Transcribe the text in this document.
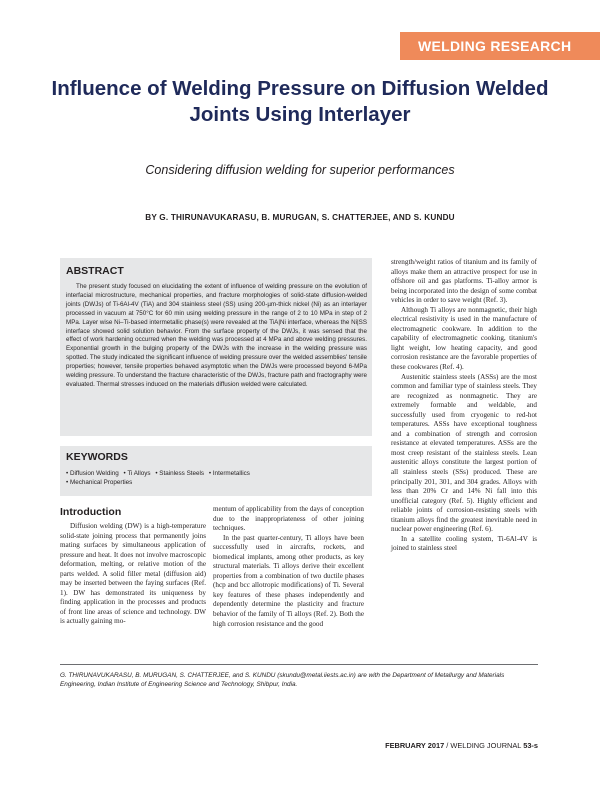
WELDING RESEARCH
Influence of Welding Pressure on Diffusion Welded
Joints Using Interlayer
Considering diffusion welding for superior performances
BY G. THIRUNAVUKARASU, B. MURUGAN, S. CHATTERJEE, AND S. KUNDU
ABSTRACT
The present study focused on elucidating the extent of influence of welding pressure on the evolution of interfacial microstructure, mechanical properties, and fracture morphologies of solid-state diffusion-welded joints (DWJs) of Ti-6Al-4V (TiA) and 304 stainless steel (SS) using 200-µm-thick nickel (Ni) as an interlayer processed in vacuum at 750°C for 60 min using welding pressure in the range of 2 to 10 MPa in step of 2 MPa. Layer wise Ni–Ti-based intermetallic phase(s) were revealed at the TiA|Ni interface, whereas the Ni|SS interface showed solid solution behavior. From the surface property of the DWJs, it was sensed that the effect of work hardening occurred when the welding was processed at 4 MPa and above welding pressures. Exponential growth in the bulging property of the DWJs with the increase in the welding pressure was spotted. The study indicated the significant influence of welding pressure over the welded assemblies' tensile properties; however, tensile properties behaved asymptotic when the DWJs were processed beyond 6-MPa welding pressure. To understand the fracture characteristic of the DWJs, fracture path and fractography were evaluated. Thermal stresses induced on the materials diffusion welded were calculated.
KEYWORDS
• Diffusion Welding • Ti Alloys • Stainless Steels • Intermetallics
• Mechanical Properties
Introduction

Diffusion welding (DW) is a high-temperature solid-state joining process that permanently joins mating surfaces by simultaneous application of pressure and heat. It does not involve macroscopic deformation, melting, or relative motion of the parts welded. A solid filler metal (diffusion aid) may be inserted between the faying surfaces (Ref. 1). DW has demonstrated its uniqueness by finding application in the processes and products of front line areas of science and technology. DW is actually gaining mo-

mentum of applicability from the days of conception due to the inappropriateness of other joining techniques.

In the past quarter-century, Ti alloys have been successfully used in aircrafts, rockets, and biomedical implants, among other products, as key structural materials. Ti alloys derive their excellent properties from a combination of two ductile phases (hcp and bcc allotropic modifications) of Ti. Several key features of these phases independently and dependently determine the plasticity and fracture behavior of the family of Ti alloys (Ref. 2). Both the high corrosion resistance and the good

strength/weight ratios of titanium and its family of alloys make them an attractive prospect for use in offshore oil and gas platforms. Ti-alloy armor is being incorporated into the design of some combat vehicles in order to save weight (Ref. 3).

Although Ti alloys are nonmagnetic, their high electrical resistivity is used in the manufacture of electromagnetic cookware. In addition to the capability of electromagnetic cooking, titanium's light weight, low heating capacity, and good corrosion resistance are the favorable properties of these cookwares (Ref. 4).

Austenitic stainless steels (ASSs) are the most common and familiar type of stainless steels. They are recognized as nonmagnetic. They are extremely formable and weldable, and successfully used from cryogenic to red-hot temperatures. ASSs have exceptional toughness and a combination of strength and corrosion resistance at elevated temperatures. ASSs are the most creep resistant of the stainless steels. Lean austenitic alloys constitute the largest portion of all stainless steels (SSs) produced. These are principally 201, 301, and 304 grades. Alloys with less than 20% Cr and 14% Ni fall into this unofficial category (Ref. 5). Highly efficient and reliable joints of corrosion-resisting steels with titanium alloys find the greatest inevitable need in nuclear power engineering (Ref. 6).

In a satellite cooling system, Ti-6Al-4V is joined to stainless steel

G. THIRUNAVUKARASU, B. MURUGAN, S. CHATTERJEE, and S. KUNDU (skundu@metal.iiests.ac.in) are with the Department of Metallurgy and Materials Engineering, Indian Institute of Engineering Science and Technology, Shibpur, India.
FEBRUARY 2017 / WELDING JOURNAL 53-s
